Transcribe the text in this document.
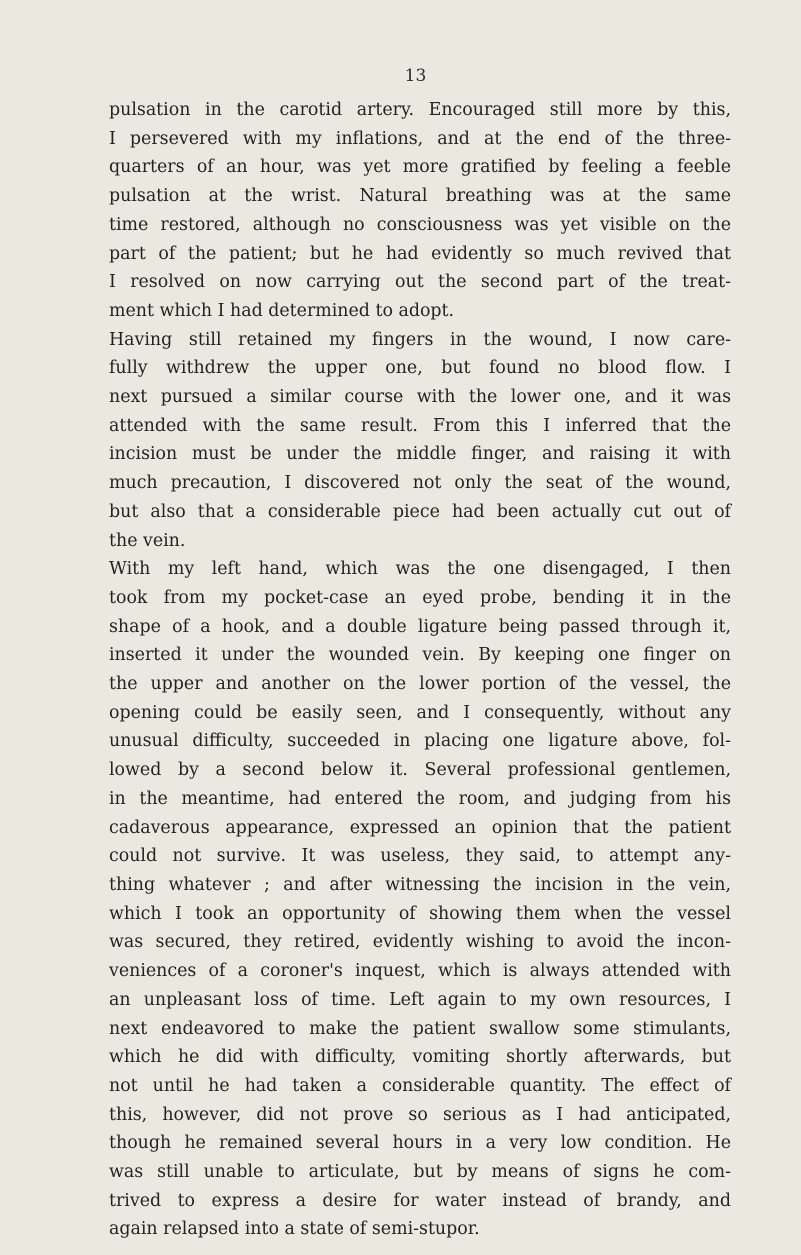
13
pulsation in the carotid artery. Encouraged still more by this,
I persevered with my inflations, and at the end of the three-
quarters of an hour, was yet more gratified by feeling a feeble
pulsation at the wrist. Natural breathing was at the same
time restored, although no consciousness was yet visible on the
part of the patient; but he had evidently so much revived that
I resolved on now carrying out the second part of the treat-
ment which I had determined to adopt.
Having still retained my fingers in the wound, I now care-
fully withdrew the upper one, but found no blood flow. I
next pursued a similar course with the lower one, and it was
attended with the same result. From this I inferred that the
incision must be under the middle finger, and raising it with
much precaution, I discovered not only the seat of the wound,
but also that a considerable piece had been actually cut out of
the vein.
With my left hand, which was the one disengaged, I then
took from my pocket-case an eyed probe, bending it in the
shape of a hook, and a double ligature being passed through it,
inserted it under the wounded vein. By keeping one finger on
the upper and another on the lower portion of the vessel, the
opening could be easily seen, and I consequently, without any
unusual difficulty, succeeded in placing one ligature above, fol-
lowed by a second below it. Several professional gentlemen,
in the meantime, had entered the room, and judging from his
cadaverous appearance, expressed an opinion that the patient
could not survive. It was useless, they said, to attempt any-
thing whatever ; and after witnessing the incision in the vein,
which I took an opportunity of showing them when the vessel
was secured, they retired, evidently wishing to avoid the incon-
veniences of a coroner's inquest, which is always attended with
an unpleasant loss of time. Left again to my own resources, I
next endeavored to make the patient swallow some stimulants,
which he did with difficulty, vomiting shortly afterwards, but
not until he had taken a considerable quantity. The effect of
this, however, did not prove so serious as I had anticipated,
though he remained several hours in a very low condition. He
was still unable to articulate, but by means of signs he com-
trived to express a desire for water instead of brandy, and
again relapsed into a state of semi-stupor.
